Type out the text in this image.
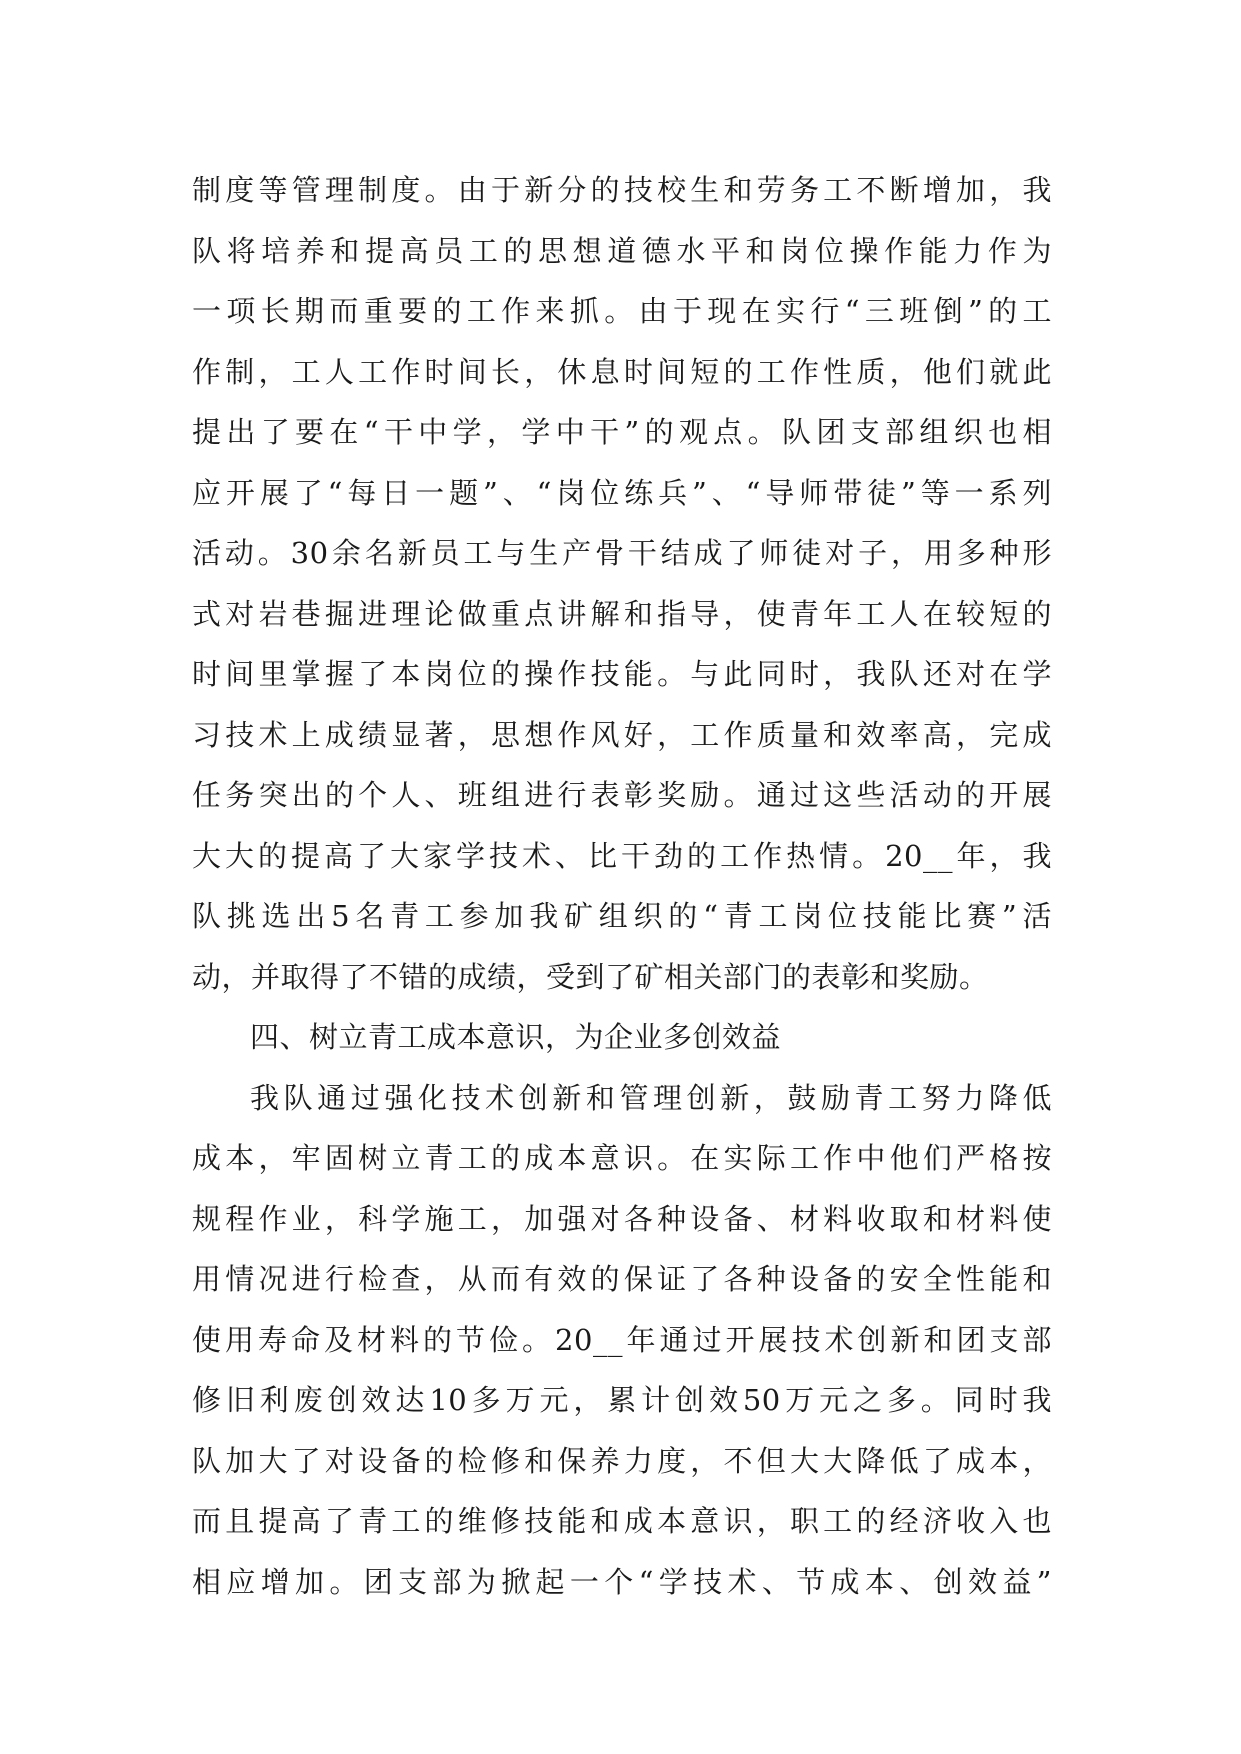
制度等管理制度。由于新分的技校生和劳务工不断增加，我
队将培养和提高员工的思想道德水平和岗位操作能力作为
一项长期而重要的工作来抓。由于现在实行“三班倒”的工
作制，工人工作时间长，休息时间短的工作性质，他们就此
提出了要在“干中学，学中干”的观点。队团支部组织也相
应开展了“每日一题”、“岗位练兵”、“导师带徒”等一系列
活动。30余名新员工与生产骨干结成了师徒对子，用多种形
式对岩巷掘进理论做重点讲解和指导，使青年工人在较短的
时间里掌握了本岗位的操作技能。与此同时，我队还对在学
习技术上成绩显著，思想作风好，工作质量和效率高，完成
任务突出的个人、班组进行表彰奖励。通过这些活动的开展
大大的提高了大家学技术、比干劲的工作热情。20__年，我
队挑选出5名青工参加我矿组织的“青工岗位技能比赛”活
动，并取得了不错的成绩，受到了矿相关部门的表彰和奖励。
四、树立青工成本意识，为企业多创效益
我队通过强化技术创新和管理创新，鼓励青工努力降低
成本，牢固树立青工的成本意识。在实际工作中他们严格按
规程作业，科学施工，加强对各种设备、材料收取和材料使
用情况进行检查，从而有效的保证了各种设备的安全性能和
使用寿命及材料的节俭。20__年通过开展技术创新和团支部
修旧利废创效达10多万元，累计创效50万元之多。同时我
队加大了对设备的检修和保养力度，不但大大降低了成本，
而且提高了青工的维修技能和成本意识，职工的经济收入也
相应增加。团支部为掀起一个“学技术、节成本、创效益”
